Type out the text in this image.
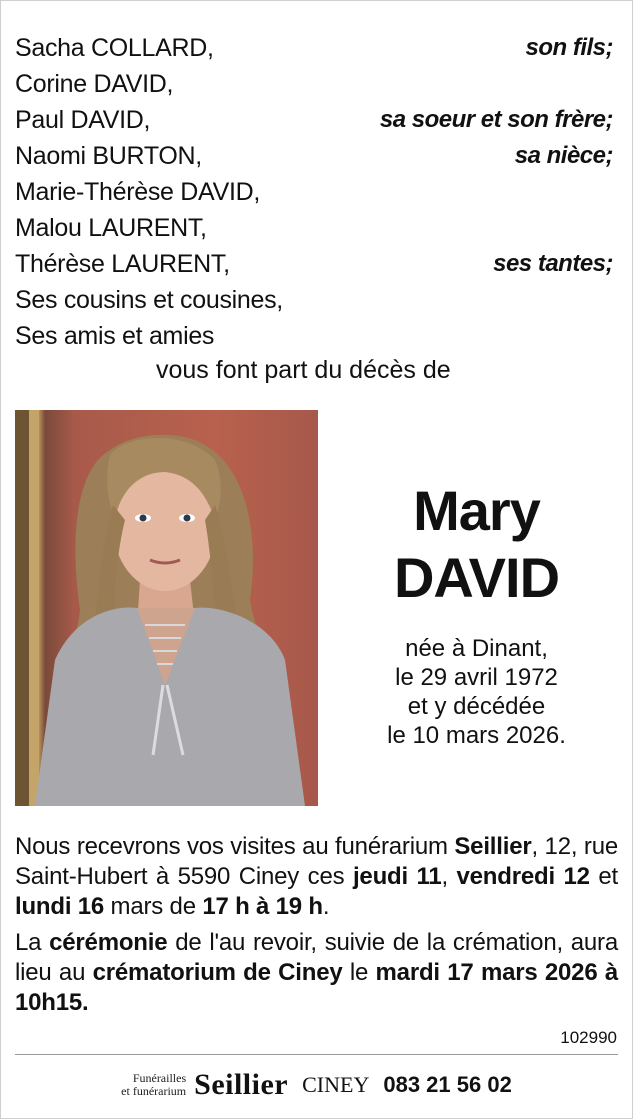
Sacha COLLARD,	son fils;
Corine DAVID,
Paul DAVID,	sa soeur et son frère;
Naomi BURTON,	sa nièce;
Marie-Thérèse DAVID,
Malou LAURENT,
Thérèse LAURENT,	ses tantes;
Ses cousins et cousines,
Ses amis et amies
vous font part du décès de
Mary
DAVID
née à Dinant,
le 29 avril 1972
et y décédée
le 10 mars 2026.
Nous recevrons vos visites au funérarium Seillier, 12, rue Saint-Hubert à 5590 Ciney ces jeudi 11, vendredi 12 et lundi 16 mars de 17 h à 19 h.
La cérémonie de l'au revoir, suivie de la crémation, aura lieu au crématorium de Ciney le mardi 17 mars 2026 à 10h15.
102990
Funérailles
et funérarium Seillier CINEY 083 21 56 02
